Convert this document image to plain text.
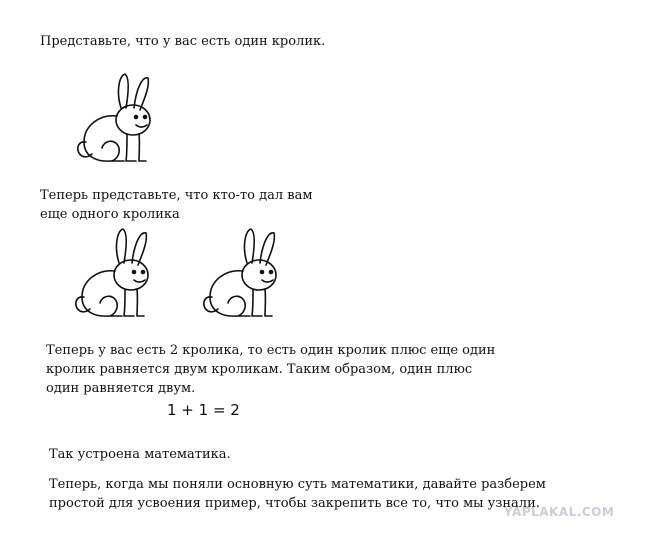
Представьте, что у вас есть один кролик.

Теперь представьте, что кто-то дал вам

еще одного кролика

Теперь у вас есть 2 кролика, то есть один кролик плюс еще один

кролик равняется двум кроликам. Таким образом, один плюс

один равняется двум.

1 + 1 = 2

Так устроена математика.

Теперь, когда мы поняли основную суть математики, давайте разберем

простой для усвоения пример, чтобы закрепить все то, что мы узнали.

YAPLAKAL.COM
